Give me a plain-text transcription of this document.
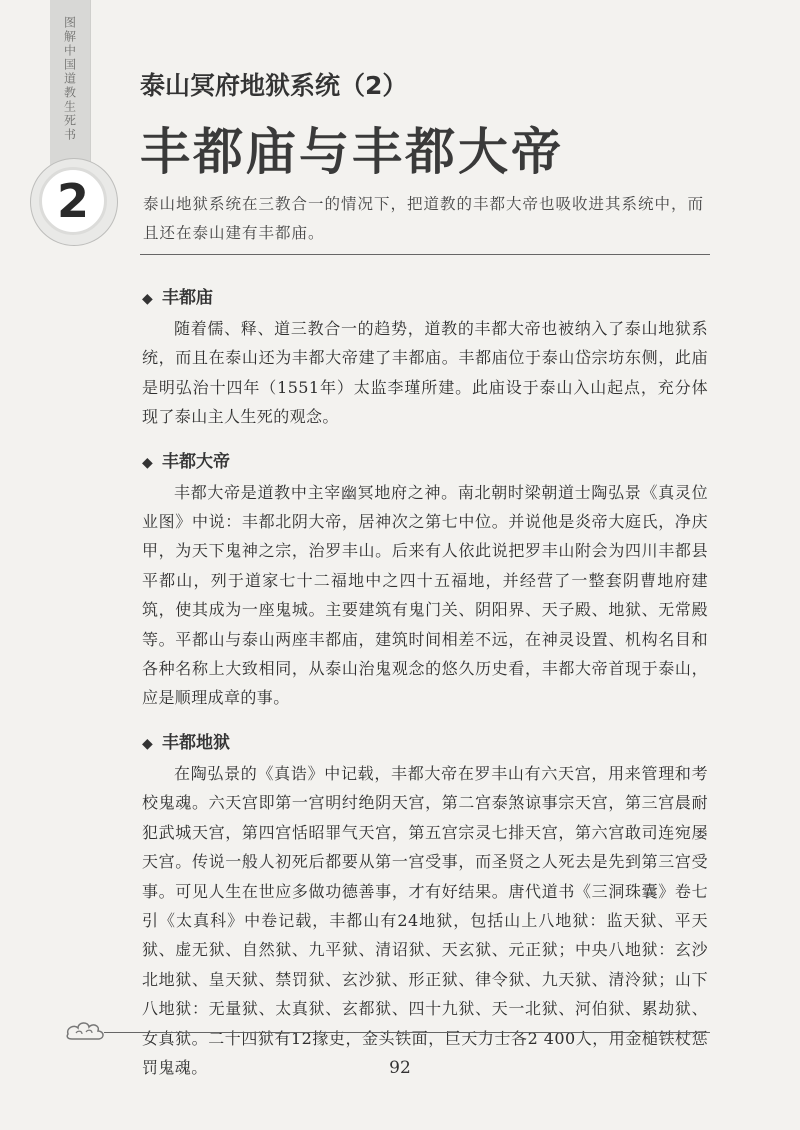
图解中国道教生死书
2
泰山冥府地狱系统（2）
丰都庙与丰都大帝
泰山地狱系统在三教合一的情况下，把道教的丰都大帝也吸收进其系统中，而且还在泰山建有丰都庙。
◆ 丰都庙

随着儒、释、道三教合一的趋势，道教的丰都大帝也被纳入了泰山地狱系统，而且在泰山还为丰都大帝建了丰都庙。丰都庙位于泰山岱宗坊东侧，此庙是明弘治十四年（1551年）太监李瑾所建。此庙设于泰山入山起点，充分体现了泰山主人生死的观念。

◆ 丰都大帝

丰都大帝是道教中主宰幽冥地府之神。南北朝时梁朝道士陶弘景《真灵位业图》中说：丰都北阴大帝，居神次之第七中位。并说他是炎帝大庭氏，净庆甲，为天下鬼神之宗，治罗丰山。后来有人依此说把罗丰山附会为四川丰都县平都山，列于道家七十二福地中之四十五福地，并经营了一整套阴曹地府建筑，使其成为一座鬼城。主要建筑有鬼门关、阴阳界、天子殿、地狱、无常殿等。平都山与泰山两座丰都庙，建筑时间相差不远，在神灵设置、机构名目和各种名称上大致相同，从泰山治鬼观念的悠久历史看，丰都大帝首现于泰山，应是顺理成章的事。

◆ 丰都地狱

在陶弘景的《真诰》中记载，丰都大帝在罗丰山有六天宫，用来管理和考校鬼魂。六天宫即第一宫明纣绝阴天宫，第二宫泰煞谅事宗天宫，第三宫晨耐犯武城天宫，第四宫恬昭罪气天宫，第五宫宗灵七排天宫，第六宫敢司连宛屡天宫。传说一般人初死后都要从第一宫受事，而圣贤之人死去是先到第三宫受事。可见人生在世应多做功德善事，才有好结果。唐代道书《三洞珠囊》卷七引《太真科》中卷记载，丰都山有24地狱，包括山上八地狱：监天狱、平天狱、虚无狱、自然狱、九平狱、清诏狱、天玄狱、元正狱；中央八地狱：玄沙北地狱、皇天狱、禁罚狱、玄沙狱、形正狱、律令狱、九天狱、清泠狱；山下八地狱：无量狱、太真狱、玄都狱、四十九狱、天一北狱、河伯狱、累劫狱、女真狱。二十四狱有12掾吏，金头铁面，巨天力士各2 400人，用金槌铁杖惩罚鬼魂。	92
